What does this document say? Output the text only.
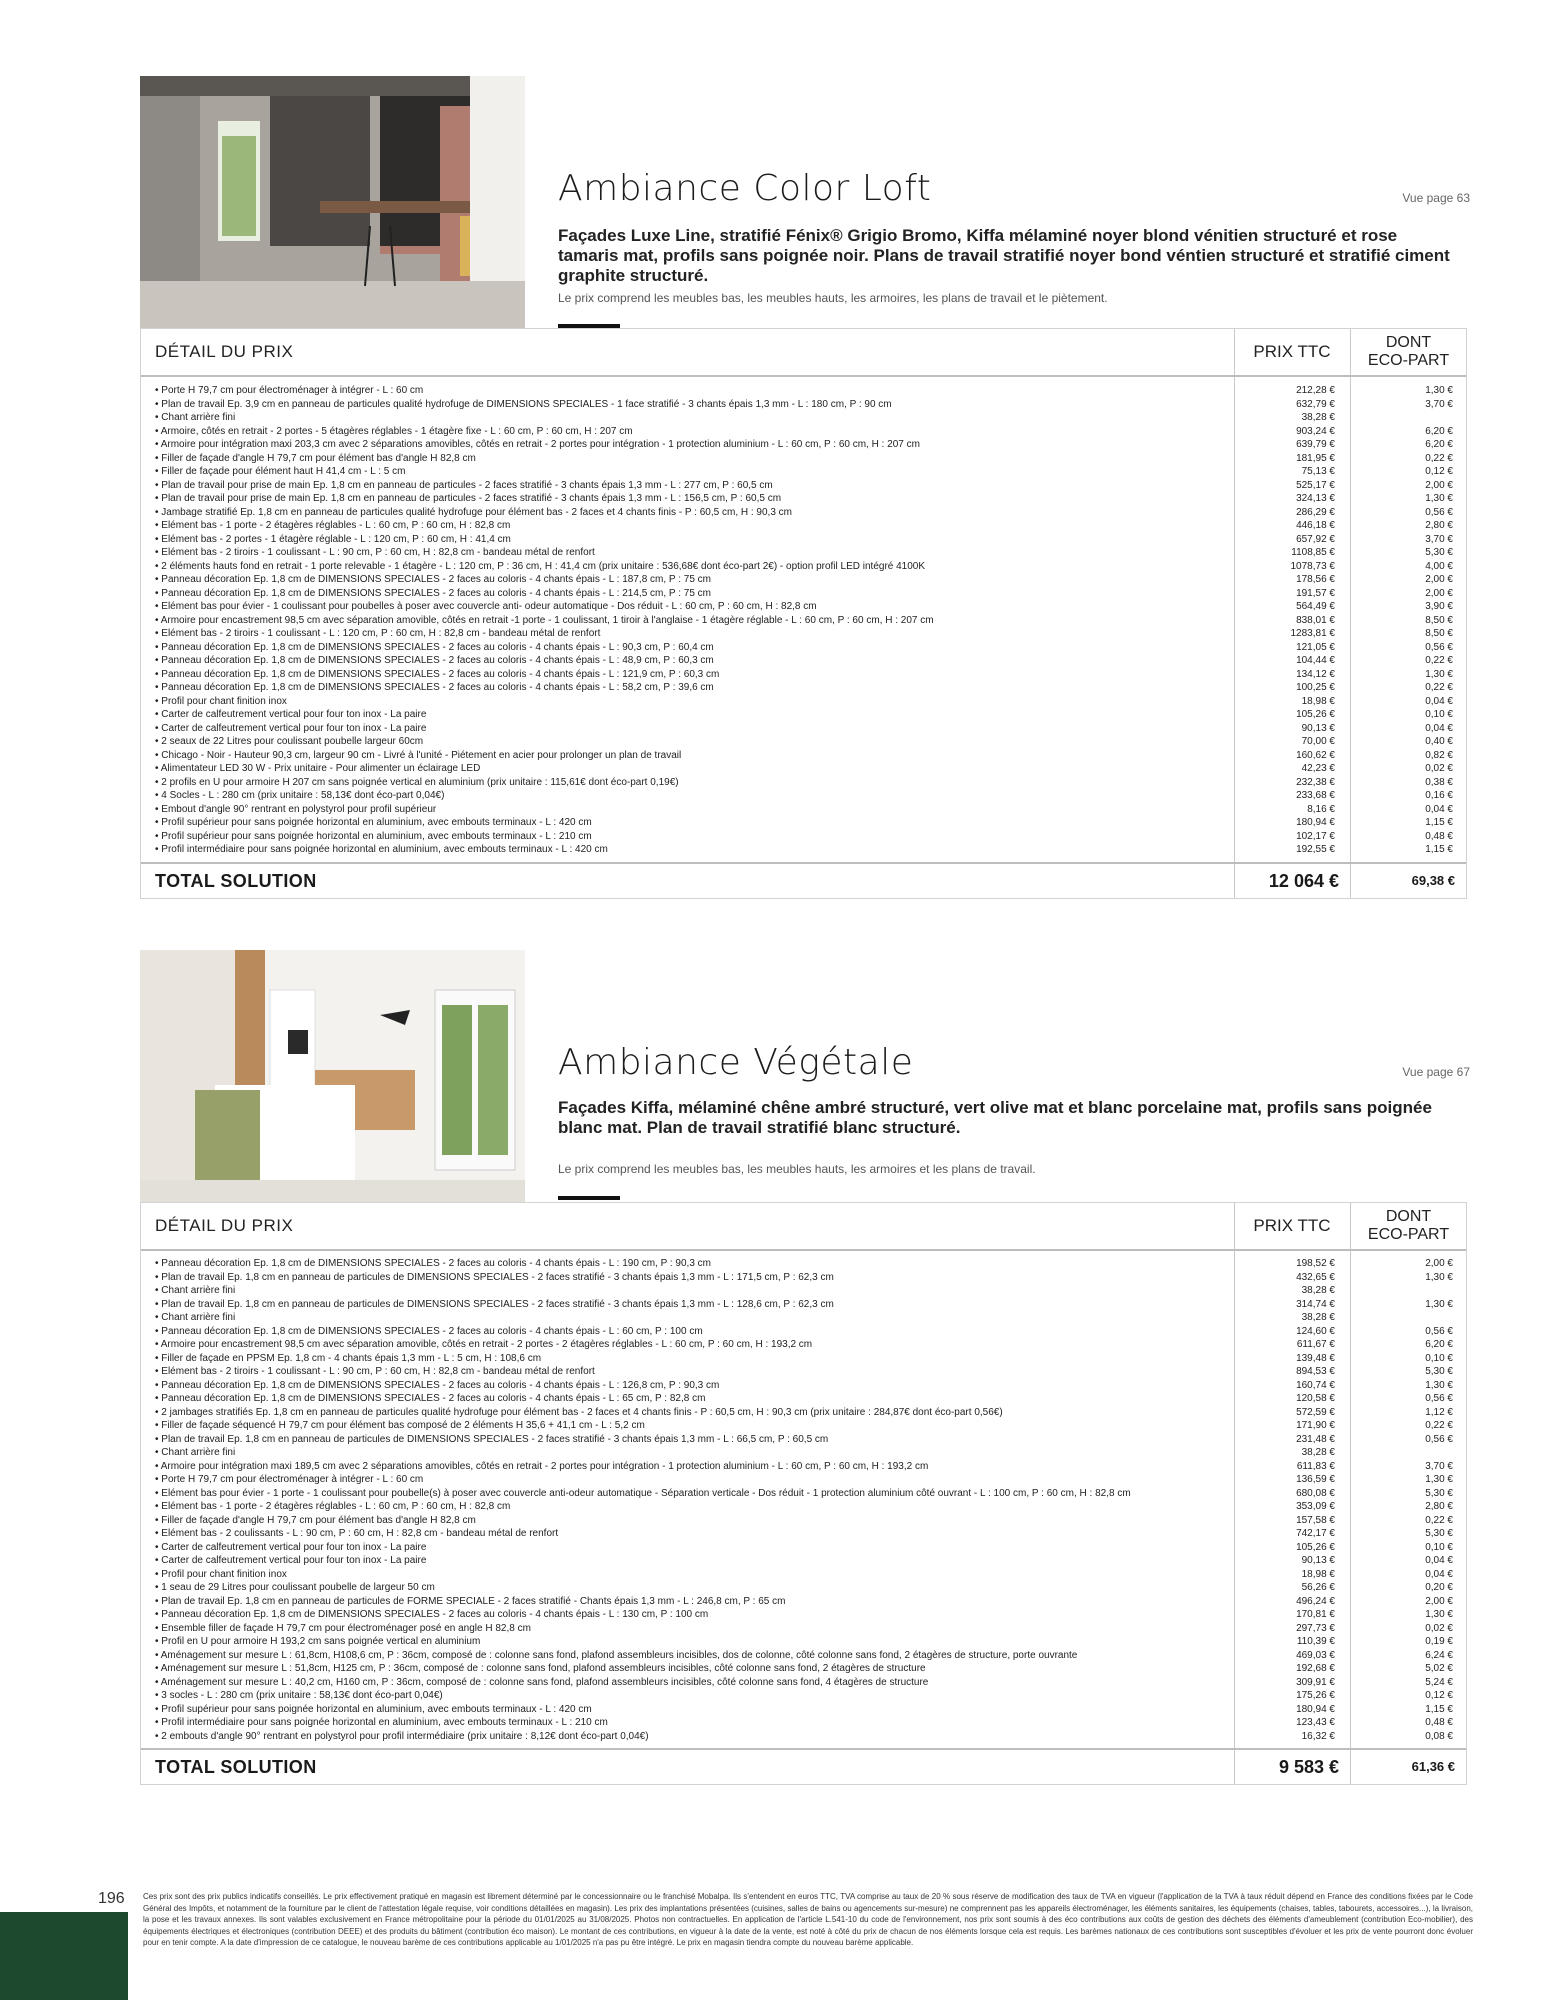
Ambiance Color Loft	Vue page 63
Façades Luxe Line, stratifié Fénix® Grigio Bromo, Kiffa mélaminé noyer blond vénitien structuré et rose tamaris mat, profils sans poignée noir. Plans de travail stratifié noyer bond véntien structuré et stratifié ciment graphite structuré.
Le prix comprend les meubles bas, les meubles hauts, les armoires, les plans de travail et le piètement.
DÉTAIL DU PRIX	PRIX TTC	DONT
ECO-PART
• Porte H 79,7 cm pour électroménager à intégrer - L : 60 cm	212,28 €	1,30 €
• Plan de travail Ep. 3,9 cm en panneau de particules qualité hydrofuge de DIMENSIONS SPECIALES - 1 face stratifié - 3 chants épais 1,3 mm - L : 180 cm, P : 90 cm	632,79 €	3,70 €
• Chant arrière fini	38,28 €
• Armoire, côtés en retrait - 2 portes - 5 étagères réglables - 1 étagère fixe - L : 60 cm, P : 60 cm, H : 207 cm	903,24 €	6,20 €
• Armoire pour intégration maxi 203,3 cm avec 2 séparations amovibles, côtés en retrait - 2 portes pour intégration - 1 protection aluminium - L : 60 cm, P : 60 cm, H : 207 cm	639,79 €	6,20 €
• Filler de façade d'angle H 79,7 cm pour élément bas d'angle H 82,8 cm	181,95 €	0,22 €
• Filler de façade pour élément haut H 41,4 cm - L : 5 cm	75,13 €	0,12 €
• Plan de travail pour prise de main Ep. 1,8 cm en panneau de particules - 2 faces stratifié - 3 chants épais 1,3 mm - L : 277 cm, P : 60,5 cm	525,17 €	2,00 €
• Plan de travail pour prise de main Ep. 1,8 cm en panneau de particules - 2 faces stratifié - 3 chants épais 1,3 mm - L : 156,5 cm, P : 60,5 cm	324,13 €	1,30 €
• Jambage stratifié Ep. 1,8 cm en panneau de particules qualité hydrofuge pour élément bas - 2 faces et 4 chants finis - P : 60,5 cm, H : 90,3 cm	286,29 €	0,56 €
• Elément bas - 1 porte - 2 étagères réglables - L : 60 cm, P : 60 cm, H : 82,8 cm	446,18 €	2,80 €
• Elément bas - 2 portes - 1 étagère réglable - L : 120 cm, P : 60 cm, H : 41,4 cm	657,92 €	3,70 €
• Elément bas - 2 tiroirs - 1 coulissant - L : 90 cm, P : 60 cm, H : 82,8 cm - bandeau métal de renfort	1108,85 €	5,30 €
• 2 éléments hauts fond en retrait - 1 porte relevable - 1 étagère - L : 120 cm, P : 36 cm, H : 41,4 cm (prix unitaire : 536,68€ dont éco-part 2€) - option profil LED intégré 4100K	1078,73 €	4,00 €
• Panneau décoration Ep. 1,8 cm de DIMENSIONS SPECIALES - 2 faces au coloris - 4 chants épais - L : 187,8 cm, P : 75 cm	178,56 €	2,00 €
• Panneau décoration Ep. 1,8 cm de DIMENSIONS SPECIALES - 2 faces au coloris - 4 chants épais - L : 214,5 cm, P : 75 cm	191,57 €	2,00 €
• Elément bas pour évier - 1 coulissant pour poubelles à poser avec couvercle anti- odeur automatique - Dos réduit - L : 60 cm, P : 60 cm, H : 82,8 cm	564,49 €	3,90 €
• Armoire pour encastrement 98,5 cm avec séparation amovible, côtés en retrait -1 porte - 1 coulissant, 1 tiroir à l'anglaise - 1 étagère réglable - L : 60 cm, P : 60 cm, H : 207 cm	838,01 €	8,50 €
• Elément bas - 2 tiroirs - 1 coulissant - L : 120 cm, P : 60 cm, H : 82,8 cm - bandeau métal de renfort	1283,81 €	8,50 €
• Panneau décoration Ep. 1,8 cm de DIMENSIONS SPECIALES - 2 faces au coloris - 4 chants épais - L : 90,3 cm, P : 60,4 cm	121,05 €	0,56 €
• Panneau décoration Ep. 1,8 cm de DIMENSIONS SPECIALES - 2 faces au coloris - 4 chants épais - L : 48,9 cm, P : 60,3 cm	104,44 €	0,22 €
• Panneau décoration Ep. 1,8 cm de DIMENSIONS SPECIALES - 2 faces au coloris - 4 chants épais - L : 121,9 cm, P : 60,3 cm	134,12 €	1,30 €
• Panneau décoration Ep. 1,8 cm de DIMENSIONS SPECIALES - 2 faces au coloris - 4 chants épais - L : 58,2 cm, P : 39,6 cm	100,25 €	0,22 €
• Profil pour chant finition inox	18,98 €	0,04 €
• Carter de calfeutrement vertical pour four ton inox - La paire	105,26 €	0,10 €
• Carter de calfeutrement vertical pour four ton inox - La paire	90,13 €	0,04 €
• 2 seaux de 22 Litres pour coulissant poubelle largeur 60cm	70,00 €	0,40 €
• Chicago - Noir - Hauteur 90,3 cm, largeur 90 cm - Livré à l'unité - Piétement en acier pour prolonger un plan de travail	160,62 €	0,82 €
• Alimentateur LED 30 W - Prix unitaire - Pour alimenter un éclairage LED	42,23 €	0,02 €
• 2 profils en U pour armoire H 207 cm sans poignée vertical en aluminium (prix unitaire : 115,61€ dont éco-part 0,19€)	232,38 €	0,38 €
• 4 Socles - L : 280 cm (prix unitaire : 58,13€ dont éco-part 0,04€)	233,68 €	0,16 €
• Embout d'angle 90° rentrant en polystyrol pour profil supérieur	8,16 €	0,04 €
• Profil supérieur pour sans poignée horizontal en aluminium, avec embouts terminaux - L : 420 cm	180,94 €	1,15 €
• Profil supérieur pour sans poignée horizontal en aluminium, avec embouts terminaux - L : 210 cm	102,17 €	0,48 €
• Profil intermédiaire pour sans poignée horizontal en aluminium, avec embouts terminaux - L : 420 cm	192,55 €	1,15 €
TOTAL SOLUTION	12 064 €	69,38 €
Ambiance Végétale	Vue page 67
Façades Kiffa, mélaminé chêne ambré structuré, vert olive mat et blanc porcelaine mat, profils sans poignée blanc mat. Plan de travail stratifié blanc structuré.
Le prix comprend les meubles bas, les meubles hauts, les armoires et les plans de travail.
DÉTAIL DU PRIX	PRIX TTC	DONT
ECO-PART
• Panneau décoration Ep. 1,8 cm de DIMENSIONS SPECIALES - 2 faces au coloris - 4 chants épais - L : 190 cm, P : 90,3 cm	198,52 €	2,00 €
• Plan de travail Ep. 1,8 cm en panneau de particules de DIMENSIONS SPECIALES - 2 faces stratifié - 3 chants épais 1,3 mm - L : 171,5 cm, P : 62,3 cm	432,65 €	1,30 €
• Chant arrière fini	38,28 €
• Plan de travail Ep. 1,8 cm en panneau de particules de DIMENSIONS SPECIALES - 2 faces stratifié - 3 chants épais 1,3 mm - L : 128,6 cm, P : 62,3 cm	314,74 €	1,30 €
• Chant arrière fini	38,28 €
• Panneau décoration Ep. 1,8 cm de DIMENSIONS SPECIALES - 2 faces au coloris - 4 chants épais - L : 60 cm, P : 100 cm	124,60 €	0,56 €
• Armoire pour encastrement 98,5 cm avec séparation amovible, côtés en retrait - 2 portes - 2 étagères réglables - L : 60 cm, P : 60 cm, H : 193,2 cm	611,67 €	6,20 €
• Filler de façade en PPSM Ep. 1,8 cm - 4 chants épais 1,3 mm - L : 5 cm, H : 108,6 cm	139,48 €	0,10 €
• Elément bas - 2 tiroirs - 1 coulissant - L : 90 cm, P : 60 cm, H : 82,8 cm - bandeau métal de renfort	894,53 €	5,30 €
• Panneau décoration Ep. 1,8 cm de DIMENSIONS SPECIALES - 2 faces au coloris - 4 chants épais - L : 126,8 cm, P : 90,3 cm	160,74 €	1,30 €
• Panneau décoration Ep. 1,8 cm de DIMENSIONS SPECIALES - 2 faces au coloris - 4 chants épais - L : 65 cm, P : 82,8 cm	120,58 €	0,56 €
• 2 jambages stratifiés Ep. 1,8 cm en panneau de particules qualité hydrofuge pour élément bas - 2 faces et 4 chants finis - P : 60,5 cm, H : 90,3 cm (prix unitaire : 284,87€ dont éco-part 0,56€)	572,59 €	1,12 €
• Filler de façade séquencé H 79,7 cm pour élément bas composé de 2 éléments H 35,6 + 41,1 cm - L : 5,2 cm	171,90 €	0,22 €
• Plan de travail Ep. 1,8 cm en panneau de particules de DIMENSIONS SPECIALES - 2 faces stratifié - 3 chants épais 1,3 mm - L : 66,5 cm, P : 60,5 cm	231,48 €	0,56 €
• Chant arrière fini	38,28 €
• Armoire pour intégration maxi 189,5 cm avec 2 séparations amovibles, côtés en retrait - 2 portes pour intégration - 1 protection aluminium - L : 60 cm, P : 60 cm, H : 193,2 cm	611,83 €	3,70 €
• Porte H 79,7 cm pour électroménager à intégrer - L : 60 cm	136,59 €	1,30 €
• Elément bas pour évier - 1 porte - 1 coulissant pour poubelle(s) à poser avec couvercle anti-odeur automatique - Séparation verticale - Dos réduit - 1 protection aluminium côté ouvrant - L : 100 cm, P : 60 cm, H : 82,8 cm	680,08 €	5,30 €
• Elément bas - 1 porte - 2 étagères réglables - L : 60 cm, P : 60 cm, H : 82,8 cm	353,09 €	2,80 €
• Filler de façade d'angle H 79,7 cm pour élément bas d'angle H 82,8 cm	157,58 €	0,22 €
• Elément bas - 2 coulissants - L : 90 cm, P : 60 cm, H : 82,8 cm - bandeau métal de renfort	742,17 €	5,30 €
• Carter de calfeutrement vertical pour four ton inox - La paire	105,26 €	0,10 €
• Carter de calfeutrement vertical pour four ton inox - La paire	90,13 €	0,04 €
• Profil pour chant finition inox	18,98 €	0,04 €
• 1 seau de 29 Litres pour coulissant poubelle de largeur 50 cm	56,26 €	0,20 €
• Plan de travail Ep. 1,8 cm en panneau de particules de FORME SPECIALE - 2 faces stratifié - Chants épais 1,3 mm - L : 246,8 cm, P : 65 cm	496,24 €	2,00 €
• Panneau décoration Ep. 1,8 cm de DIMENSIONS SPECIALES - 2 faces au coloris - 4 chants épais - L : 130 cm, P : 100 cm	170,81 €	1,30 €
• Ensemble filler de façade H 79,7 cm pour électroménager posé en angle H 82,8 cm	297,73 €	0,02 €
• Profil en U pour armoire H 193,2 cm sans poignée vertical en aluminium	110,39 €	0,19 €
• Aménagement sur mesure L : 61,8cm, H108,6 cm, P : 36cm, composé de : colonne sans fond, plafond assembleurs incisibles, dos de colonne, côté colonne sans fond, 2 étagères de structure, porte ouvrante	469,03 €	6,24 €
• Aménagement sur mesure L : 51,8cm, H125 cm, P : 36cm, composé de : colonne sans fond, plafond assembleurs incisibles, côté colonne sans fond, 2 étagères de structure	192,68 €	5,02 €
• Aménagement sur mesure L : 40,2 cm, H160 cm, P : 36cm, composé de : colonne sans fond, plafond assembleurs incisibles, côté colonne sans fond, 4 étagères de structure	309,91 €	5,24 €
• 3 socles - L : 280 cm (prix unitaire : 58,13€ dont éco-part 0,04€)	175,26 €	0,12 €
• Profil supérieur pour sans poignée horizontal en aluminium, avec embouts terminaux - L : 420 cm	180,94 €	1,15 €
• Profil intermédiaire pour sans poignée horizontal en aluminium, avec embouts terminaux - L : 210 cm	123,43 €	0,48 €
• 2 embouts d'angle 90° rentrant en polystyrol pour profil intermédiaire (prix unitaire : 8,12€ dont éco-part 0,04€)	16,32 €	0,08 €
TOTAL SOLUTION	9 583 €	61,36 €
196 Ces prix sont des prix publics indicatifs conseillés. Le prix effectivement pratiqué en magasin est librement déterminé par le concessionnaire ou le franchisé Mobalpa. Ils s'entendent en euros TTC, TVA comprise au taux de 20 % sous réserve de modification des taux de TVA en vigueur (l'application de la TVA à taux réduit dépend en France des conditions fixées par le Code Général des Impôts, et notamment de la fourniture par le client de l'attestation légale requise, voir conditions détaillées en magasin). Les prix des implantations présentées (cuisines, salles de bains ou agencements sur-mesure) ne comprennent pas les appareils électroménager, les éléments sanitaires, les équipements (chaises, tables, tabourets, accessoires...), la livraison, la pose et les travaux annexes. Ils sont valables exclusivement en France métropolitaine pour la période du 01/01/2025 au 31/08/2025. Photos non contractuelles. En application de l'article L.541-10 du code de l'environnement, nos prix sont soumis à des éco contributions aux coûts de gestion des déchets des éléments d'ameublement (contribution Eco-mobilier), des équipements électriques et électroniques (contribution DEEE) et des produits du bâtiment (contribution éco maison). Le montant de ces contributions, en vigueur à la date de la vente, est noté à côté du prix de chacun de nos éléments lorsque cela est requis. Les barèmes nationaux de ces contributions sont susceptibles d'évoluer et les prix de vente pourront donc évoluer pour en tenir compte. A la date d'impression de ce catalogue, le nouveau barème de ces contributions applicable au 1/01/2025 n'a pas pu être intégré. Le prix en magasin tiendra compte du nouveau barème applicable.
